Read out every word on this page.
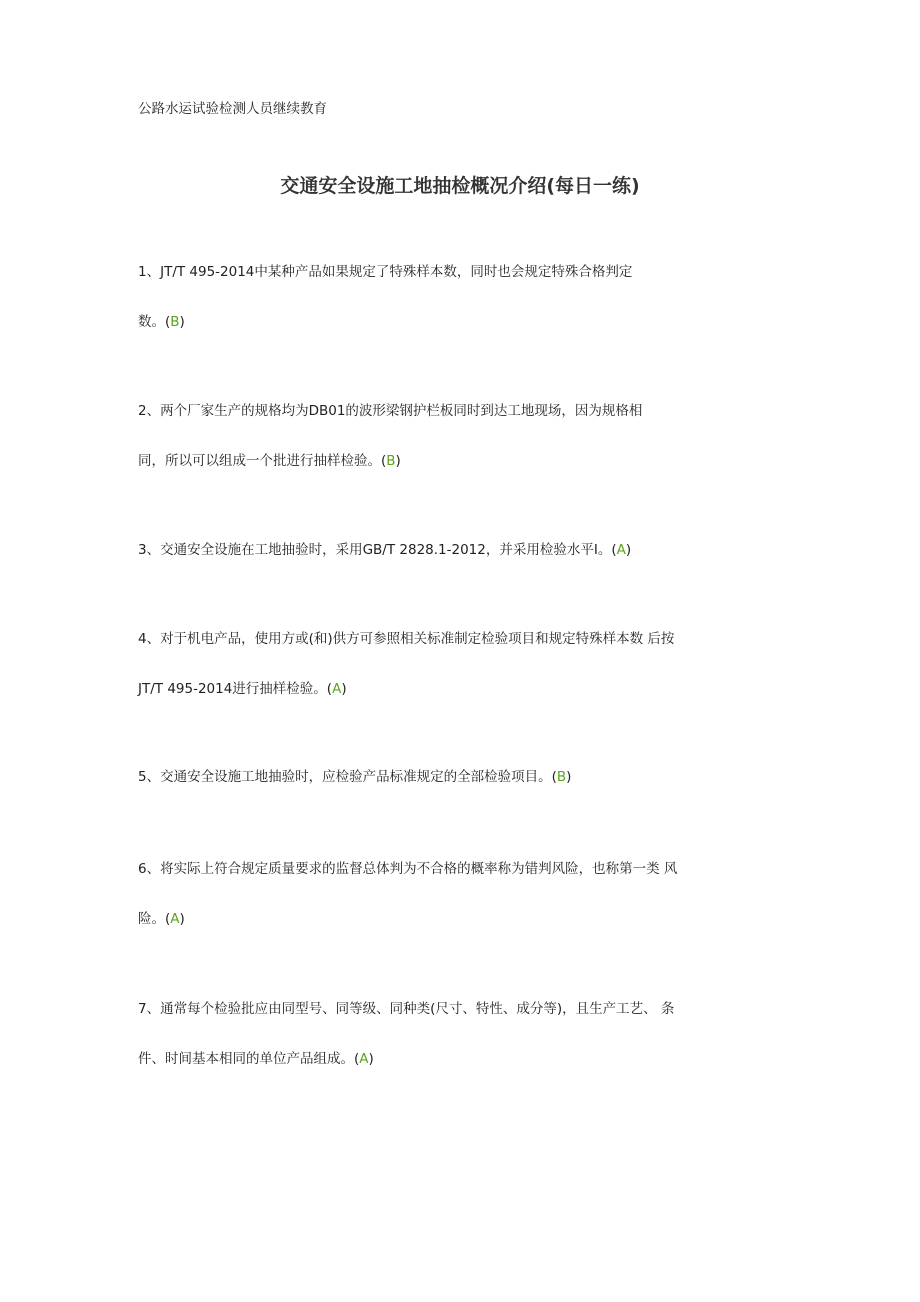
公路水运试验检测人员继续教育
交通安全设施工地抽检概况介绍(每日一练)
1、JT/T 495-2014中某种产品如果规定了特殊样本数，同时也会规定特殊合格判定
数。(B)
2、两个厂家生产的规格均为DB01的波形梁钢护栏板同时到达工地现场，因为规格相
同，所以可以组成一个批进行抽样检验。(B)
3、交通安全设施在工地抽验时，采用GB/T 2828.1-2012，并采用检验水平I。(A)
4、对于机电产品，使用方或(和)供方可参照相关标准制定检验项目和规定特殊样本数 后按
JT/T 495-2014进行抽样检验。(A)
5、交通安全设施工地抽验时，应检验产品标准规定的全部检验项目。(B)
6、将实际上符合规定质量要求的监督总体判为不合格的概率称为错判风险，也称第一类 风
险。(A)
7、通常每个检验批应由同型号、同等级、同种类(尺寸、特性、成分等)，且生产工艺、 条
件、时间基本相同的单位产品组成。(A)
